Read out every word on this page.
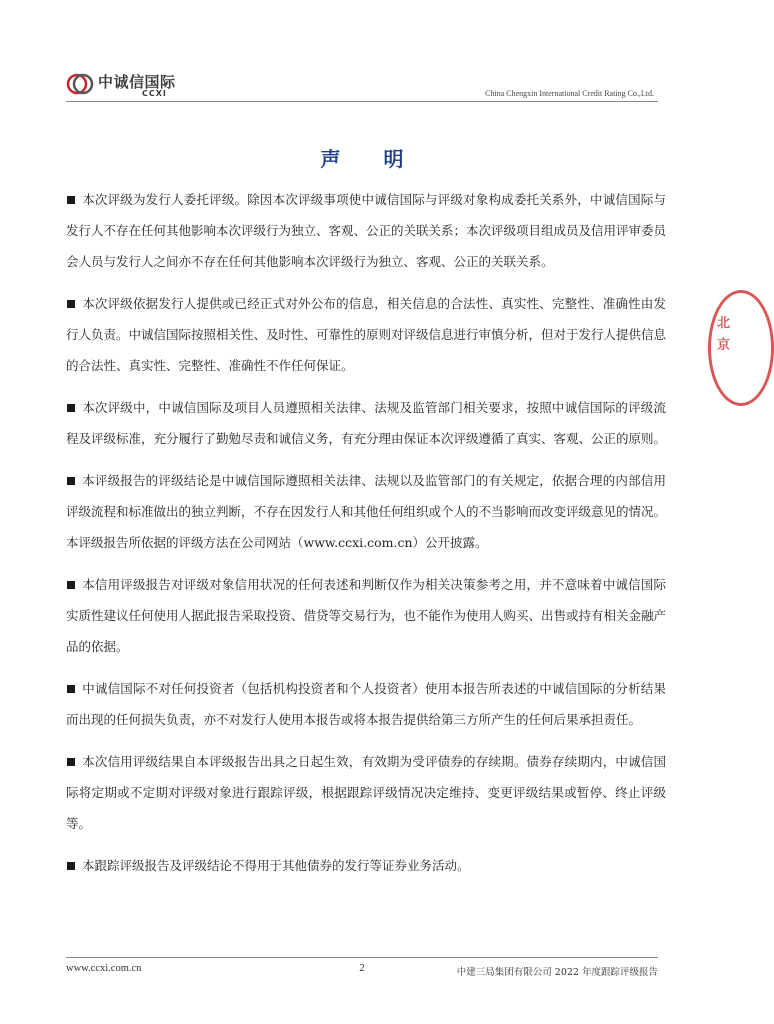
中诚信国际
CCXI	China Chengxin International Credit Rating Co.,Ltd.
声 明

本次评级为发行人委托评级。除因本次评级事项使中诚信国际与评级对象构成委托关系外，中诚信国际与发行人不存在任何其他影响本次评级行为独立、客观、公正的关联关系；本次评级项目组成员及信用评审委员会人员与发行人之间亦不存在任何其他影响本次评级行为独立、客观、公正的关联关系。

本次评级依据发行人提供或已经正式对外公布的信息，相关信息的合法性、真实性、完整性、准确性由发行人负责。中诚信国际按照相关性、及时性、可靠性的原则对评级信息进行审慎分析，但对于发行人提供信息的合法性、真实性、完整性、准确性不作任何保证。

本次评级中，中诚信国际及项目人员遵照相关法律、法规及监管部门相关要求，按照中诚信国际的评级流程及评级标准，充分履行了勤勉尽责和诚信义务，有充分理由保证本次评级遵循了真实、客观、公正的原则。

本评级报告的评级结论是中诚信国际遵照相关法律、法规以及监管部门的有关规定，依据合理的内部信用评级流程和标准做出的独立判断，不存在因发行人和其他任何组织或个人的不当影响而改变评级意见的情况。本评级报告所依据的评级方法在公司网站（www.ccxi.com.cn）公开披露。

本信用评级报告对评级对象信用状况的任何表述和判断仅作为相关决策参考之用，并不意味着中诚信国际实质性建议任何使用人据此报告采取投资、借贷等交易行为，也不能作为使用人购买、出售或持有相关金融产品的依据。

中诚信国际不对任何投资者（包括机构投资者和个人投资者）使用本报告所表述的中诚信国际的分析结果而出现的任何损失负责，亦不对发行人使用本报告或将本报告提供给第三方所产生的任何后果承担责任。

本次信用评级结果自本评级报告出具之日起生效，有效期为受评债券的存续期。债券存续期内，中诚信国际将定期或不定期对评级对象进行跟踪评级，根据跟踪评级情况决定维持、变更评级结果或暂停、终止评级等。

本跟踪评级报告及评级结论不得用于其他债券的发行等证券业务活动。

北 京
www.ccxi.com.cn	2	中建三局集团有限公司 2022 年度跟踪评级报告
